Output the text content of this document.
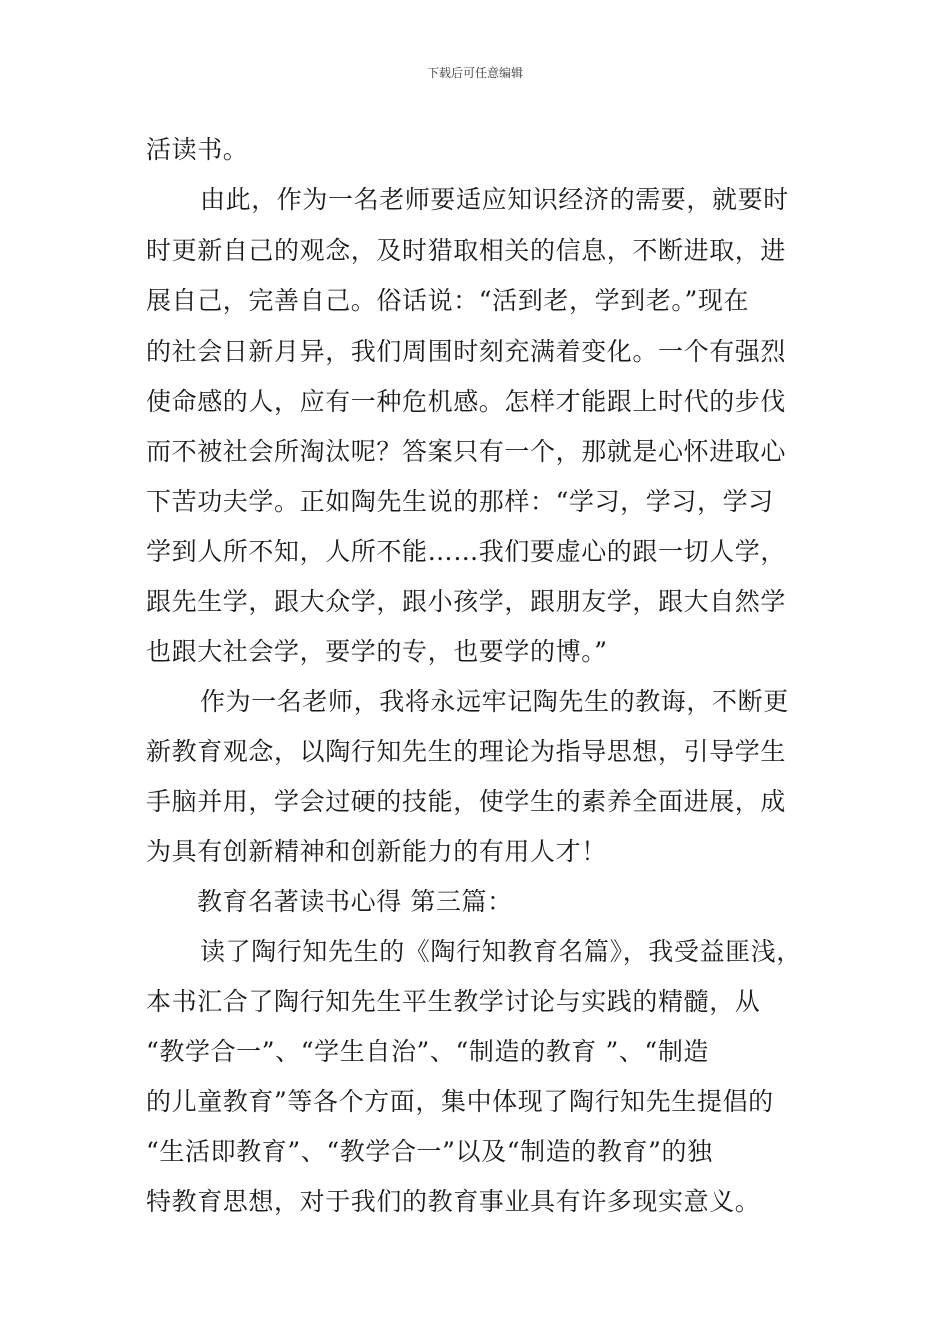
下载后可任意编辑
活读书。
由此，作为一名老师要适应知识经济的需要，就要时
时更新自己的观念，及时猎取相关的信息，不断进取，进
展自己，完善自己。俗话说：“活到老，学到老。”现在
的社会日新月异，我们周围时刻充满着变化。一个有强烈
使命感的人，应有一种危机感。怎样才能跟上时代的步伐
而不被社会所淘汰呢？答案只有一个，那就是心怀进取心
下苦功夫学。正如陶先生说的那样：“学习，学习，学习
学到人所不知，人所不能……我们要虚心的跟一切人学，
跟先生学，跟大众学，跟小孩学，跟朋友学，跟大自然学
也跟大社会学，要学的专，也要学的博。”
作为一名老师，我将永远牢记陶先生的教诲，不断更
新教育观念，以陶行知先生的理论为指导思想，引导学生
手脑并用，学会过硬的技能，使学生的素养全面进展，成
为具有创新精神和创新能力的有用人才！
教育名著读书心得 第三篇：
读了陶行知先生的《陶行知教育名篇》，我受益匪浅，
本书汇合了陶行知先生平生教学讨论与实践的精髓，从
“教学合一”、“学生自治”、“制造的教育 ”、“制造
的儿童教育”等各个方面，集中体现了陶行知先生提倡的
“生活即教育”、“教学合一”以及“制造的教育”的独
特教育思想，对于我们的教育事业具有许多现实意义。
